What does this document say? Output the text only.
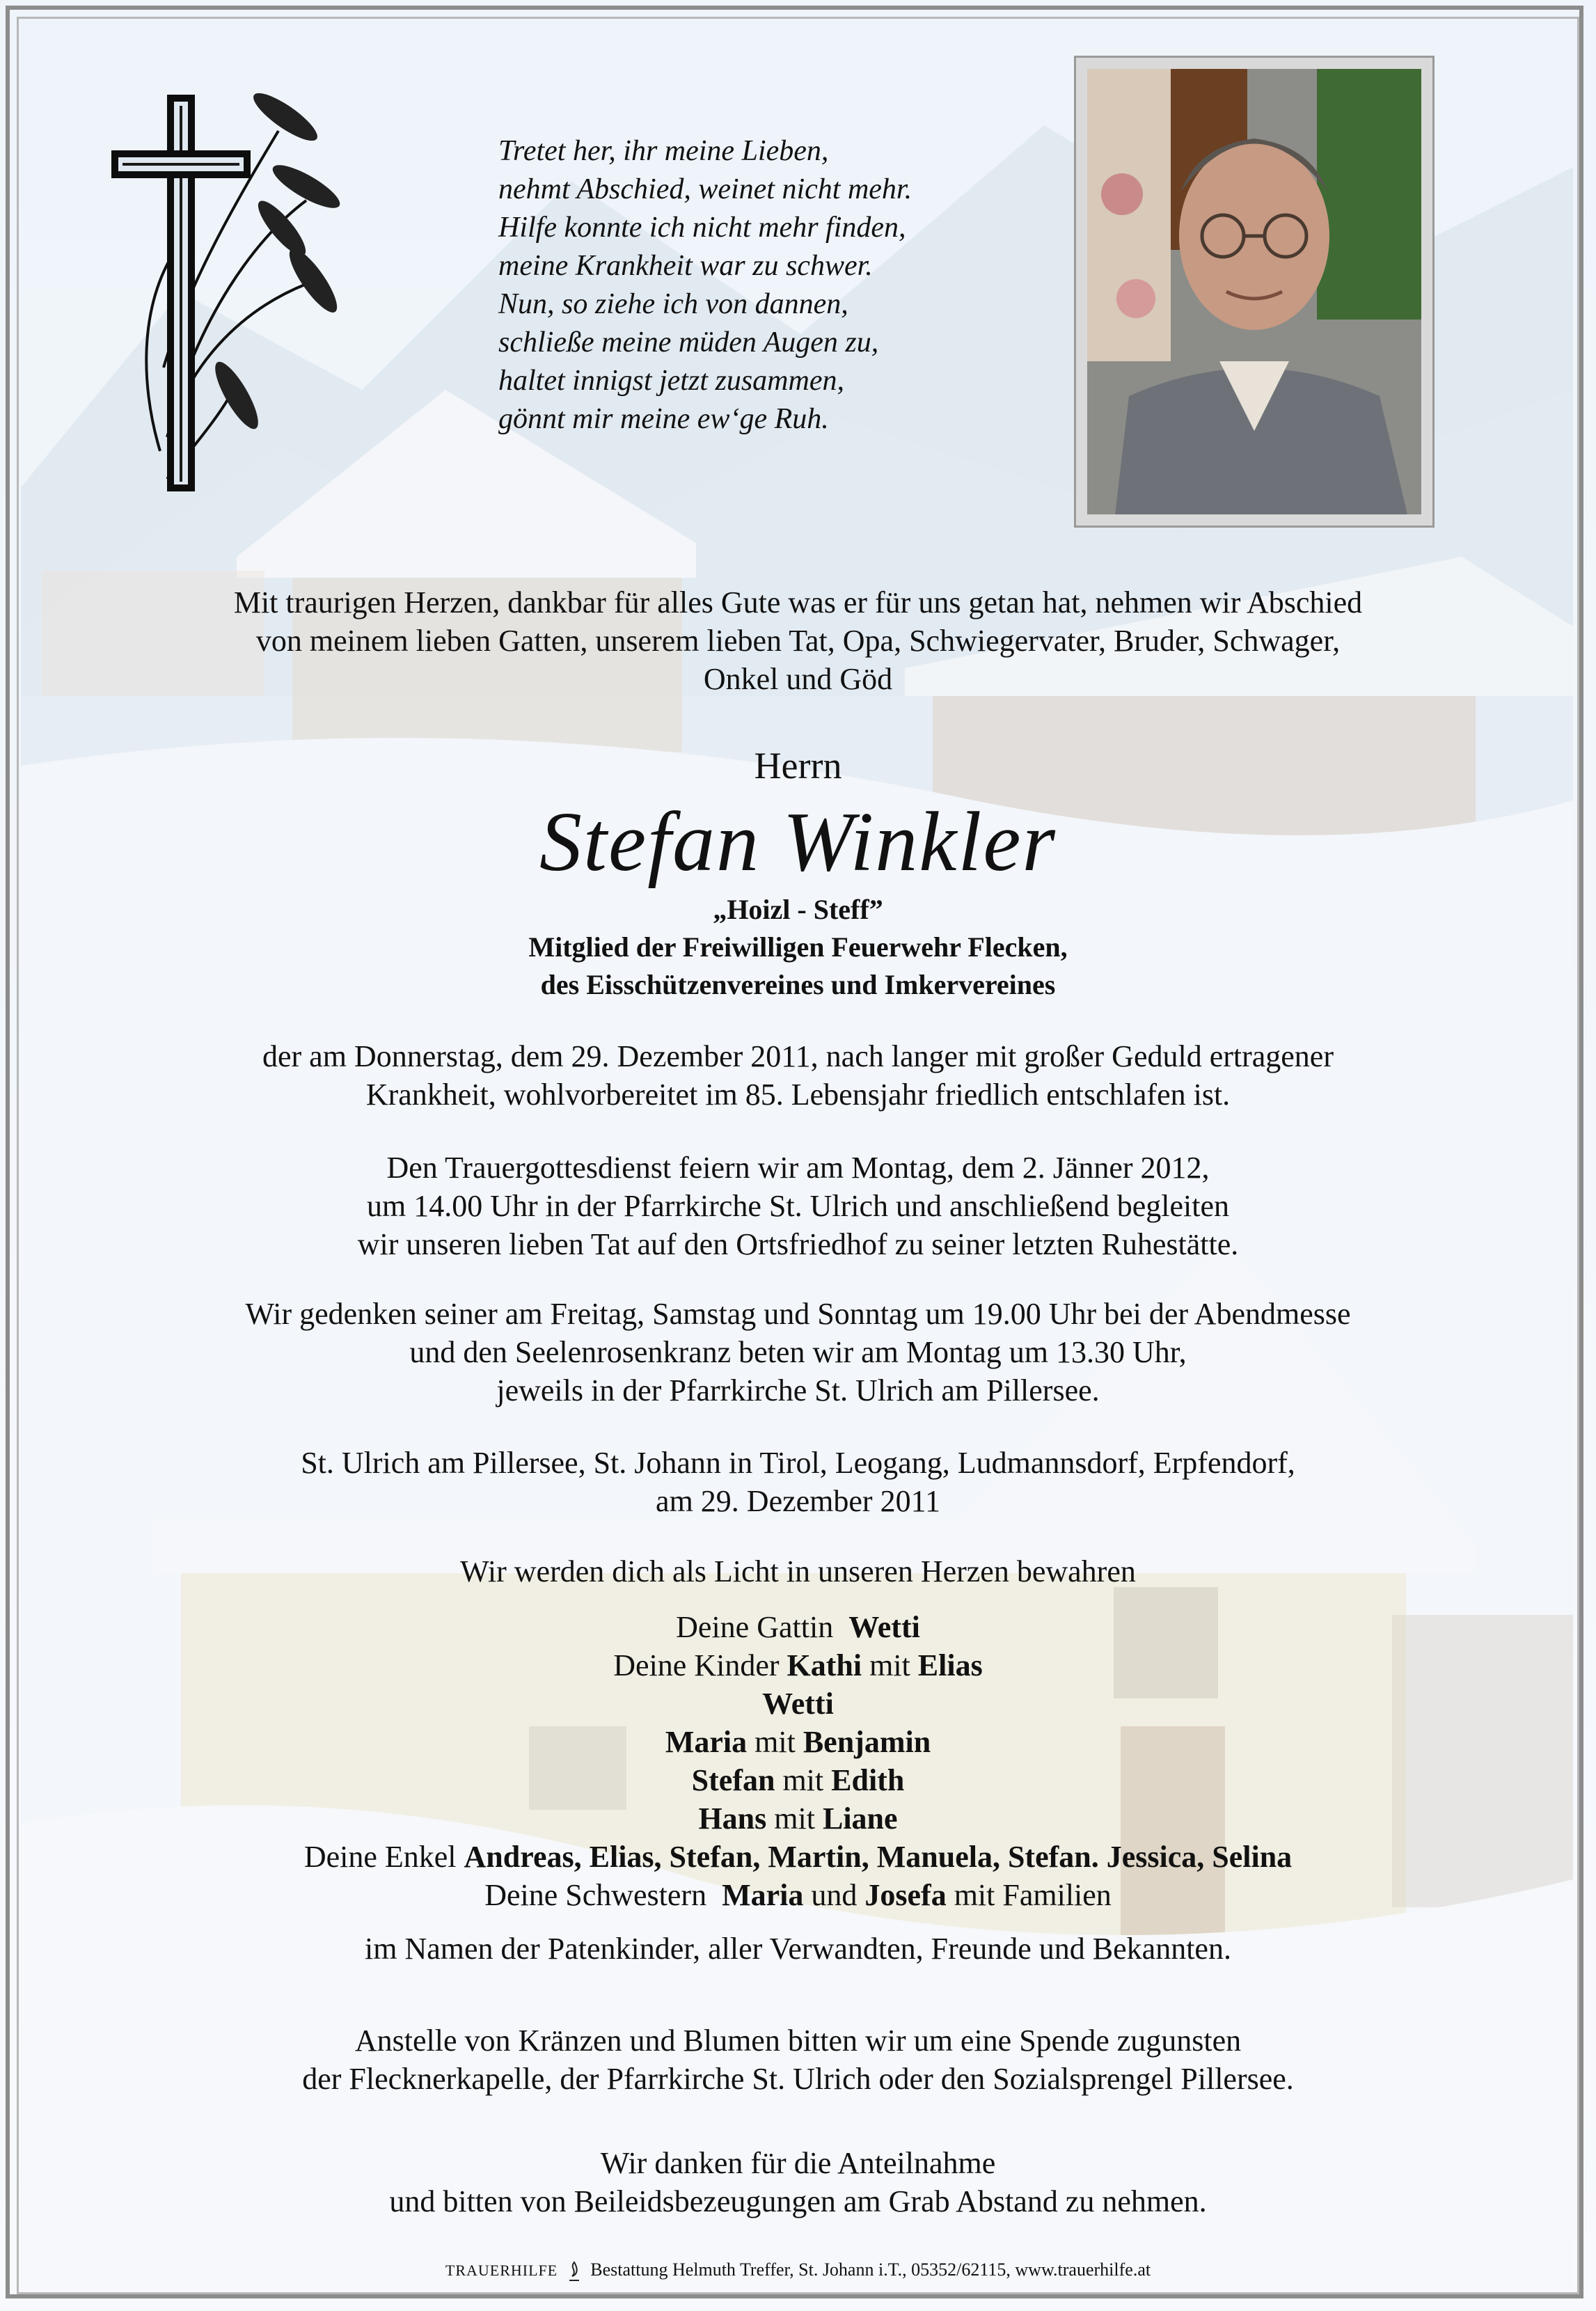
Tretet her, ihr meine Lieben,
nehmt Abschied, weinet nicht mehr.
Hilfe konnte ich nicht mehr finden,
meine Krankheit war zu schwer.
Nun, so ziehe ich von dannen,
schließe meine müden Augen zu,
haltet innigst jetzt zusammen,
gönnt mir meine ew‘ge Ruh.
Mit traurigen Herzen, dankbar für alles Gute was er für uns getan hat, nehmen wir Abschied
von meinem lieben Gatten, unserem lieben Tat, Opa, Schwiegervater, Bruder, Schwager,
Onkel und Göd
Herrn
Stefan Winkler
„Hoizl - Steff”
Mitglied der Freiwilligen Feuerwehr Flecken,
des Eisschützenvereines und Imkervereines
der am Donnerstag, dem 29. Dezember 2011, nach langer mit großer Geduld ertragener
Krankheit, wohlvorbereitet im 85. Lebensjahr friedlich entschlafen ist.
Den Trauergottesdienst feiern wir am Montag, dem 2. Jänner 2012,
um 14.00 Uhr in der Pfarrkirche St. Ulrich und anschließend begleiten
wir unseren lieben Tat auf den Ortsfriedhof zu seiner letzten Ruhestätte.
Wir gedenken seiner am Freitag, Samstag und Sonntag um 19.00 Uhr bei der Abendmesse
und den Seelenrosenkranz beten wir am Montag um 13.30 Uhr,
jeweils in der Pfarrkirche St. Ulrich am Pillersee.
St. Ulrich am Pillersee, St. Johann in Tirol, Leogang, Ludmannsdorf, Erpfendorf,
am 29. Dezember 2011
Wir werden dich als Licht in unseren Herzen bewahren
Deine Gattin Wetti
Deine Kinder Kathi mit Elias
Wetti
Maria mit Benjamin
Stefan mit Edith
Hans mit Liane
Deine Enkel Andreas, Elias, Stefan, Martin, Manuela, Stefan. Jessica, Selina
Deine Schwestern Maria und Josefa mit Familien
im Namen der Patenkinder, aller Verwandten, Freunde und Bekannten.
Anstelle von Kränzen und Blumen bitten wir um eine Spende zugunsten
der Flecknerkapelle, der Pfarrkirche St. Ulrich oder den Sozialsprengel Pillersee.
Wir danken für die Anteilnahme
und bitten von Beileidsbezeugungen am Grab Abstand zu nehmen.
TRAUERHILFE Bestattung Helmuth Treffer, St. Johann i.T., 05352/62115, www.trauerhilfe.at
